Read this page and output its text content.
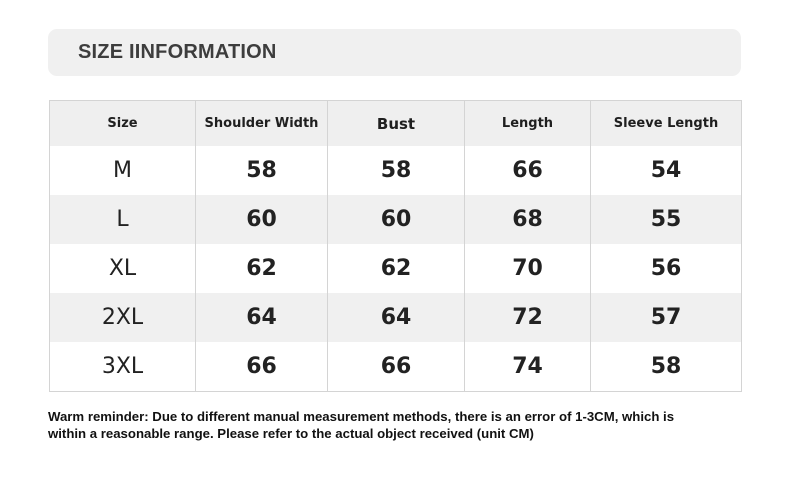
SIZE IINFORMATION
Size	Shoulder Width	Bust	Length	Sleeve Length
M	58	58	66	54
L	60	60	68	55
XL	62	62	70	56
2XL	64	64	72	57
3XL	66	66	74	58
Warm reminder: Due to different manual measurement methods, there is an error of 1-3CM, which is
within a reasonable range. Please refer to the actual object received (unit CM)
